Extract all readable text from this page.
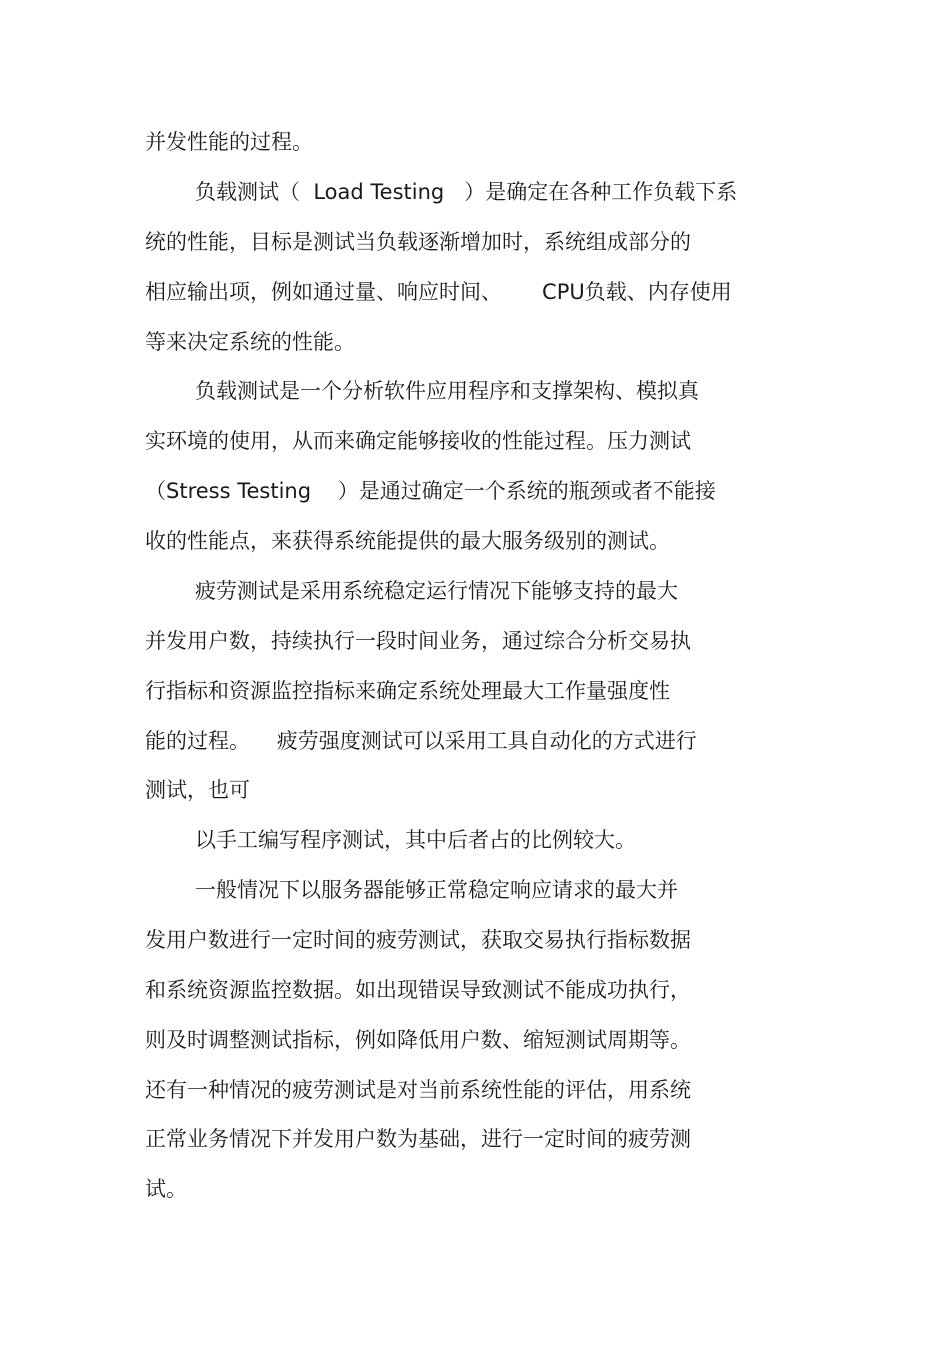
并发性能的过程。
负载测试（  Load Testing   ）是确定在各种工作负载下系
统的性能，目标是测试当负载逐渐增加时，系统组成部分的
相应输出项，例如通过量、响应时间、      CPU负载、内存使用
等来决定系统的性能。
负载测试是一个分析软件应用程序和支撑架构、模拟真
实环境的使用，从而来确定能够接收的性能过程。压力测试
（Stress Testing    ）是通过确定一个系统的瓶颈或者不能接
收的性能点，来获得系统能提供的最大服务级别的测试。
疲劳测试是采用系统稳定运行情况下能够支持的最大
并发用户数，持续执行一段时间业务，通过综合分析交易执
行指标和资源监控指标来确定系统处理最大工作量强度性
能的过程。    疲劳强度测试可以采用工具自动化的方式进行
测试，也可
以手工编写程序测试，其中后者占的比例较大。
一般情况下以服务器能够正常稳定响应请求的最大并
发用户数进行一定时间的疲劳测试，获取交易执行指标数据
和系统资源监控数据。如出现错误导致测试不能成功执行，
则及时调整测试指标，例如降低用户数、缩短测试周期等。
还有一种情况的疲劳测试是对当前系统性能的评估，用系统
正常业务情况下并发用户数为基础，进行一定时间的疲劳测
试。
